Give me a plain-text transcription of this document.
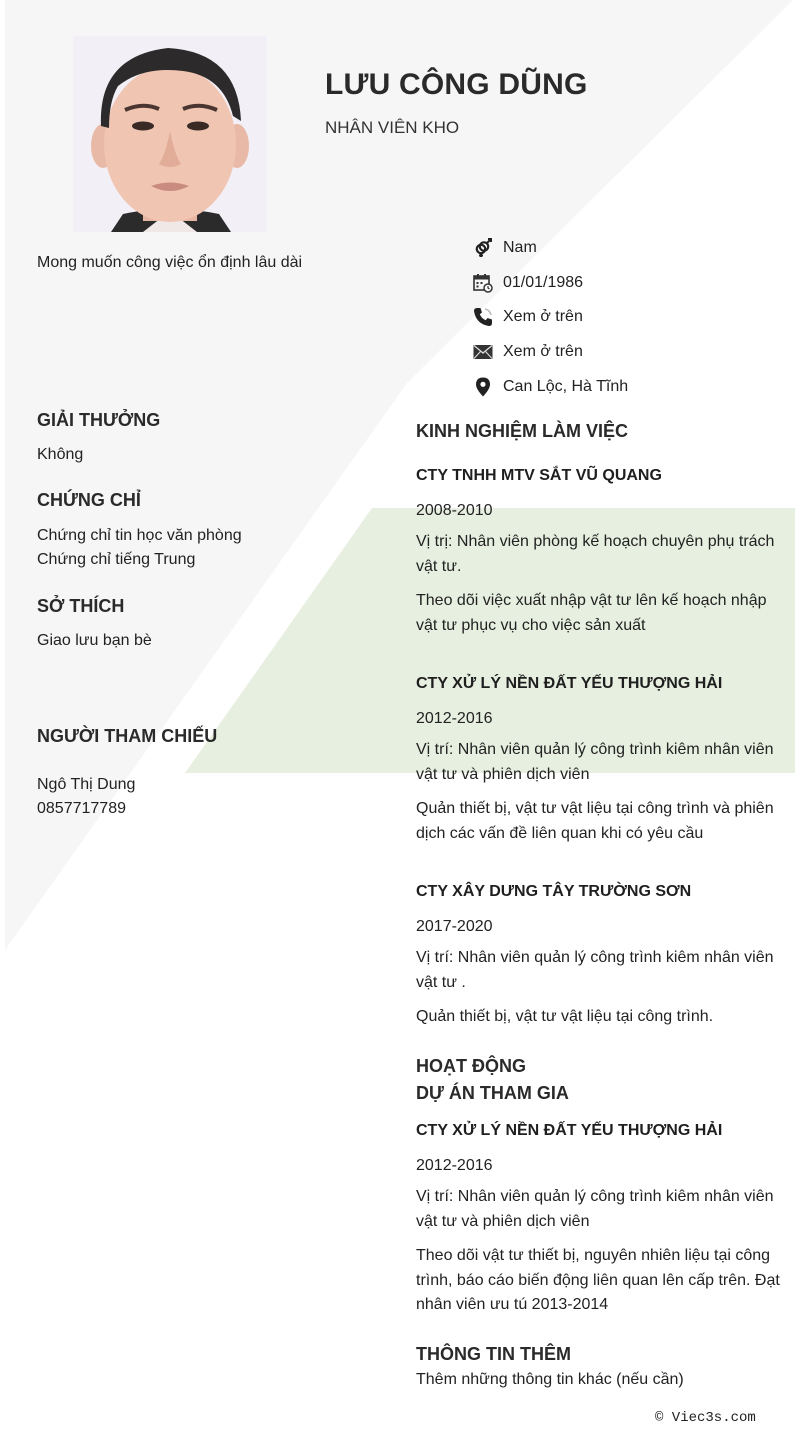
LƯU CÔNG DŨNG
NHÂN VIÊN KHO
Mong muốn công việc ổn định lâu dài
Nam
01/01/1986
Xem ở trên
Xem ở trên
Can Lộc, Hà Tĩnh
GIẢI THƯỞNG
Không
CHỨNG CHỈ
Chứng chỉ tin học văn phòng
Chứng chỉ tiếng Trung
SỞ THÍCH
Giao lưu bạn bè
NGƯỜI THAM CHIẾU
Ngô Thị Dung
0857717789
KINH NGHIỆM LÀM VIỆC
CTY TNHH MTV SẮT VŨ QUANG
2008-2010
Vị trị: Nhân viên phòng kế hoạch chuyên phụ trách vật tư.
Theo dõi việc xuất nhập vật tư lên kế hoạch nhập vật tư phục vụ cho việc sản xuất
CTY XỬ LÝ NỀN ĐẤT YẾU THƯỢNG HẢI
2012-2016
Vị trí: Nhân viên quản lý công trình kiêm nhân viên vật tư và phiên dịch viên
Quản thiết bị, vật tư vật liệu tại công trình và phiên dịch các vấn đề liên quan khi có yêu cầu
CTY XÂY DƯNG TÂY TRƯỜNG SƠN
2017-2020
Vị trí: Nhân viên quản lý công trình kiêm nhân viên vật tư .
Quản thiết bị, vật tư vật liệu tại công trình.
HOẠT ĐỘNG
DỰ ÁN THAM GIA
CTY XỬ LÝ NỀN ĐẤT YẾU THƯỢNG HẢI
2012-2016
Vị trí: Nhân viên quản lý công trình kiêm nhân viên vật tư và phiên dịch viên
Theo dõi vật tư thiết bị, nguyên nhiên liệu tại công trình, báo cáo biến động liên quan lên cấp trên. Đạt nhân viên ưu tú 2013-2014
THÔNG TIN THÊM
Thêm những thông tin khác (nếu cần)
© Viec3s.com
